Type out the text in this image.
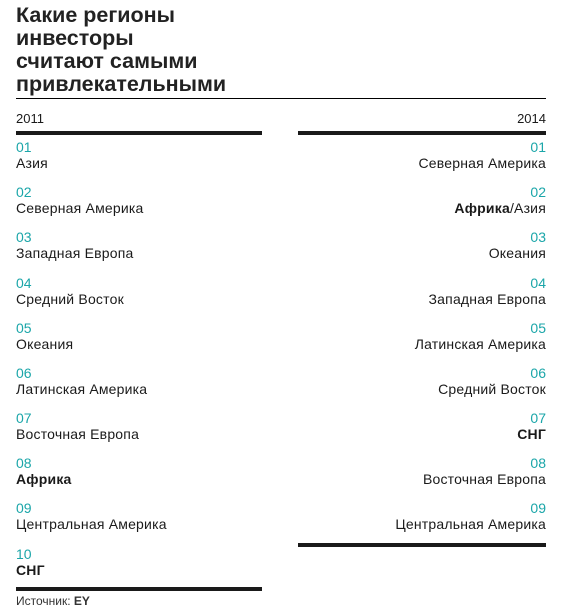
Какие регионы
инвесторы
считают самыми
привлекательными
2011
01
Азия
02
Северная Америка
03
Западная Европа
04
Средний Восток
05
Океания
06
Латинская Америка
07
Восточная Европа
08
Африка
09
Центральная Америка
10
СНГ
2014
01
Северная Америка
02
Африка/Азия
03
Океания
04
Западная Европа
05
Латинская Америка
06
Средний Восток
07
СНГ
08
Восточная Европа
09
Центральная Америка
Источник: EY
